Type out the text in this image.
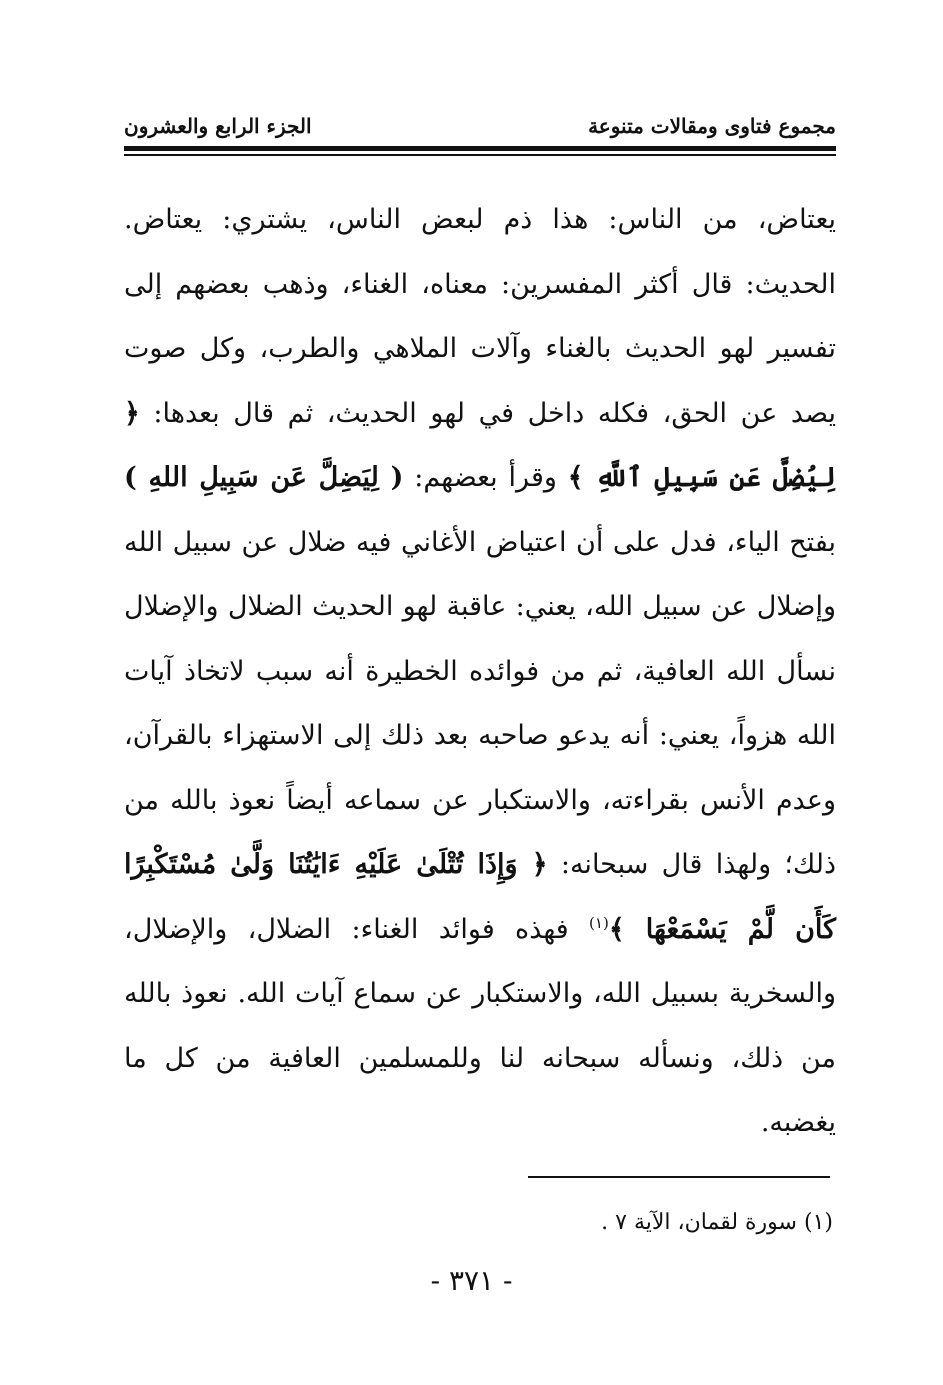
مجموع فتاوى ومقالات متنوعة
الجزء الرابع والعشرون

يعتاض، من الناس: هذا ذم لبعض الناس، يشتري: يعتاض. الحديث: قال أكثر المفسرين: معناه، الغناء، وذهب بعضهم إلى تفسير لهو الحديث بالغناء وآلات الملاهي والطرب، وكل صوت يصد عن الحق، فكله داخل في لهو الحديث، ثم قال بعدها: ﴿ لِيُضِلَّ عَن سَبِيلِ ٱللَّهِ ﴾ وقرأ بعضهم: ( لِيَضِلَّ عَن سَبِيلِ اللهِ ) بفتح الياء، فدل على أن اعتياض الأغاني فيه ضلال عن سبيل الله وإضلال عن سبيل الله، يعني: عاقبة لهو الحديث الضلال والإضلال نسأل الله العافية، ثم من فوائده الخطيرة أنه سبب لاتخاذ آيات الله هزواً، يعني: أنه يدعو صاحبه بعد ذلك إلى الاستهزاء بالقرآن، وعدم الأنس بقراءته، والاستكبار عن سماعه أيضاً نعوذ بالله من ذلك؛ ولهذا قال سبحانه: ﴿ وَإِذَا تُتْلَىٰ عَلَيْهِ ءَايَٰتُنَا وَلَّىٰ مُسْتَكْبِرًا كَأَن لَّمْ يَسْمَعْهَا ﴾$^{(١)}$ فهذه فوائد الغناء: الضلال، والإضلال، والسخرية بسبيل الله، والاستكبار عن سماع آيات الله. نعوذ بالله من ذلك، ونسأله سبحانه لنا وللمسلمين العافية من كل ما يغضبه.

(١) سورة لقمان، الآية ٧ .
- ٣٧١ -
